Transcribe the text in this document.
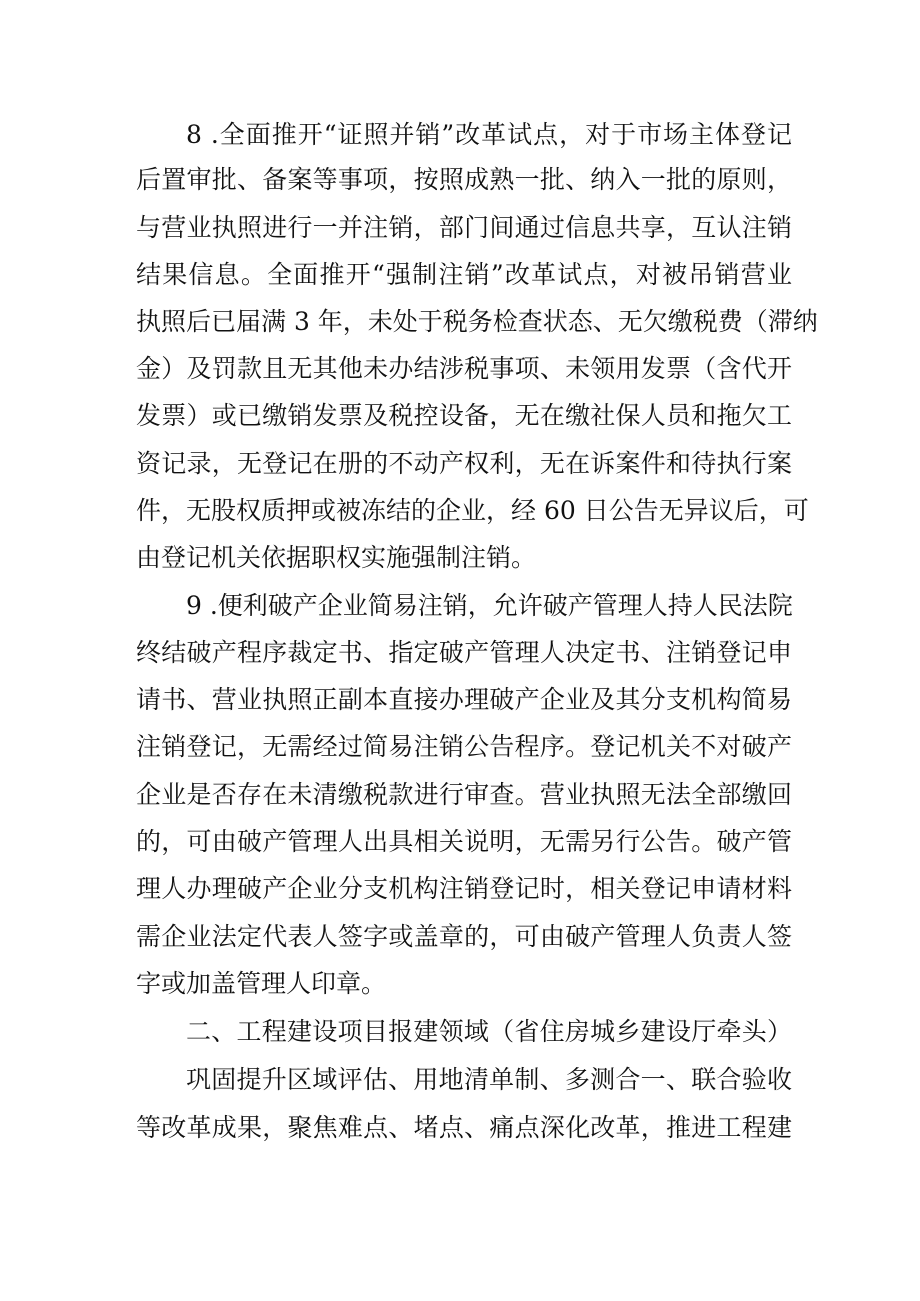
8 .全面推开“证照并销”改革试点，对于市场主体登记
后置审批、备案等事项，按照成熟一批、纳入一批的原则，
与营业执照进行一并注销，部门间通过信息共享，互认注销
结果信息。全面推开“强制注销”改革试点，对被吊销营业
执照后已届满 3 年，未处于税务检查状态、无欠缴税费（滞纳
金）及罚款且无其他未办结涉税事项、未领用发票（含代开
发票）或已缴销发票及税控设备，无在缴社保人员和拖欠工
资记录，无登记在册的不动产权利，无在诉案件和待执行案
件，无股权质押或被冻结的企业，经 60 日公告无异议后，可
由登记机关依据职权实施强制注销。
9 .便利破产企业简易注销，允许破产管理人持人民法院
终结破产程序裁定书、指定破产管理人决定书、注销登记申
请书、营业执照正副本直接办理破产企业及其分支机构简易
注销登记，无需经过简易注销公告程序。登记机关不对破产
企业是否存在未清缴税款进行审查。营业执照无法全部缴回
的，可由破产管理人出具相关说明，无需另行公告。破产管
理人办理破产企业分支机构注销登记时，相关登记申请材料
需企业法定代表人签字或盖章的，可由破产管理人负责人签
字或加盖管理人印章。
二、工程建设项目报建领域（省住房城乡建设厅牵头）
巩固提升区域评估、用地清单制、多测合一、联合验收
等改革成果，聚焦难点、堵点、痛点深化改革，推进工程建
